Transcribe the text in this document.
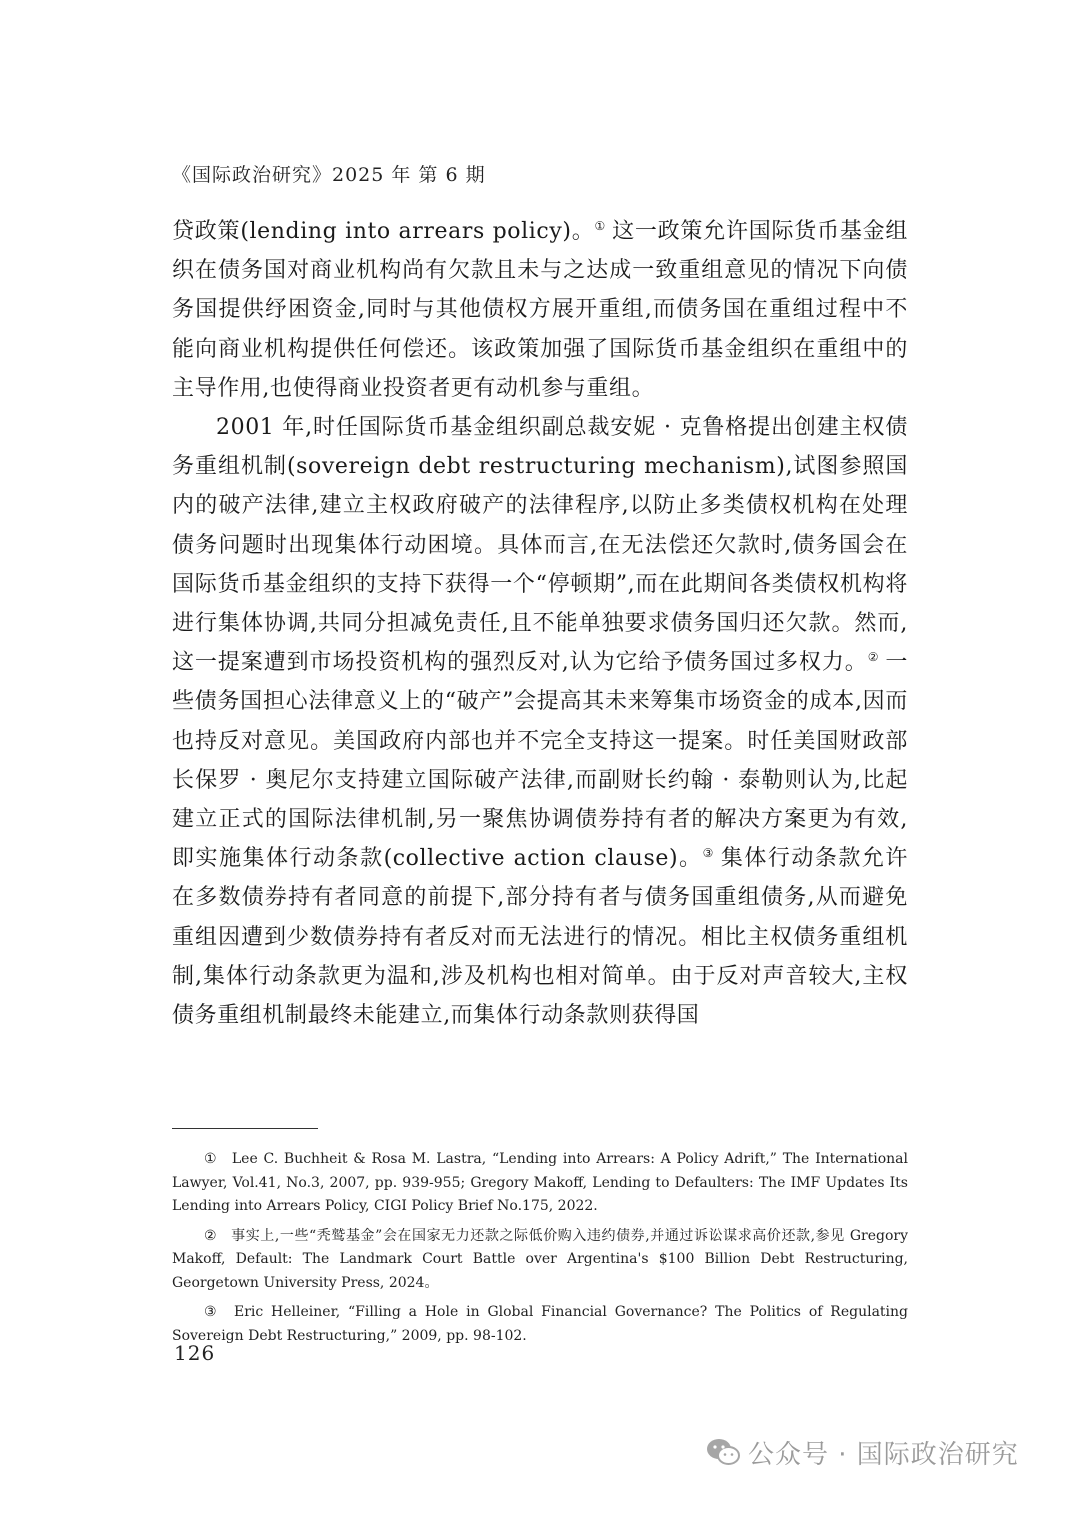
《国际政治研究》2025 年 第 6 期

贷政策(lending into arrears policy)。① 这一政策允许国际货币基金组织在债务国对商业机构尚有欠款且未与之达成一致重组意见的情况下向债务国提供纾困资金,同时与其他债权方展开重组,而债务国在重组过程中不能向商业机构提供任何偿还。该政策加强了国际货币基金组织在重组中的主导作用,也使得商业投资者更有动机参与重组。

2001 年,时任国际货币基金组织副总裁安妮 · 克鲁格提出创建主权债务重组机制(sovereign debt restructuring mechanism),试图参照国内的破产法律,建立主权政府破产的法律程序,以防止多类债权机构在处理债务问题时出现集体行动困境。具体而言,在无法偿还欠款时,债务国会在国际货币基金组织的支持下获得一个“停顿期”,而在此期间各类债权机构将进行集体协调,共同分担减免责任,且不能单独要求债务国归还欠款。然而,这一提案遭到市场投资机构的强烈反对,认为它给予债务国过多权力。② 一些债务国担心法律意义上的“破产”会提高其未来筹集市场资金的成本,因而也持反对意见。美国政府内部也并不完全支持这一提案。时任美国财政部长保罗 · 奥尼尔支持建立国际破产法律,而副财长约翰 · 泰勒则认为,比起建立正式的国际法律机制,另一聚焦协调债券持有者的解决方案更为有效,即实施集体行动条款(collective action clause)。③ 集体行动条款允许在多数债券持有者同意的前提下,部分持有者与债务国重组债务,从而避免重组因遭到少数债券持有者反对而无法进行的情况。相比主权债务重组机制,集体行动条款更为温和,涉及机构也相对简单。由于反对声音较大,主权债务重组机制最终未能建立,而集体行动条款则获得国

① Lee C. Buchheit & Rosa M. Lastra, “Lending into Arrears: A Policy Adrift,” The International Lawyer, Vol.41, No.3, 2007, pp. 939-955; Gregory Makoff, Lending to Defaulters: The IMF Updates Its Lending into Arrears Policy, CIGI Policy Brief No.175, 2022.

② 事实上,一些“秃鹫基金”会在国家无力还款之际低价购入违约债券,并通过诉讼谋求高价还款,参见 Gregory Makoff, Default: The Landmark Court Battle over Argentina's $100 Billion Debt Restructuring, Georgetown University Press, 2024。

③ Eric Helleiner, “Filling a Hole in Global Financial Governance? The Politics of Regulating Sovereign Debt Restructuring,” 2009, pp. 98-102.

126
公众号 · 国际政治研究
